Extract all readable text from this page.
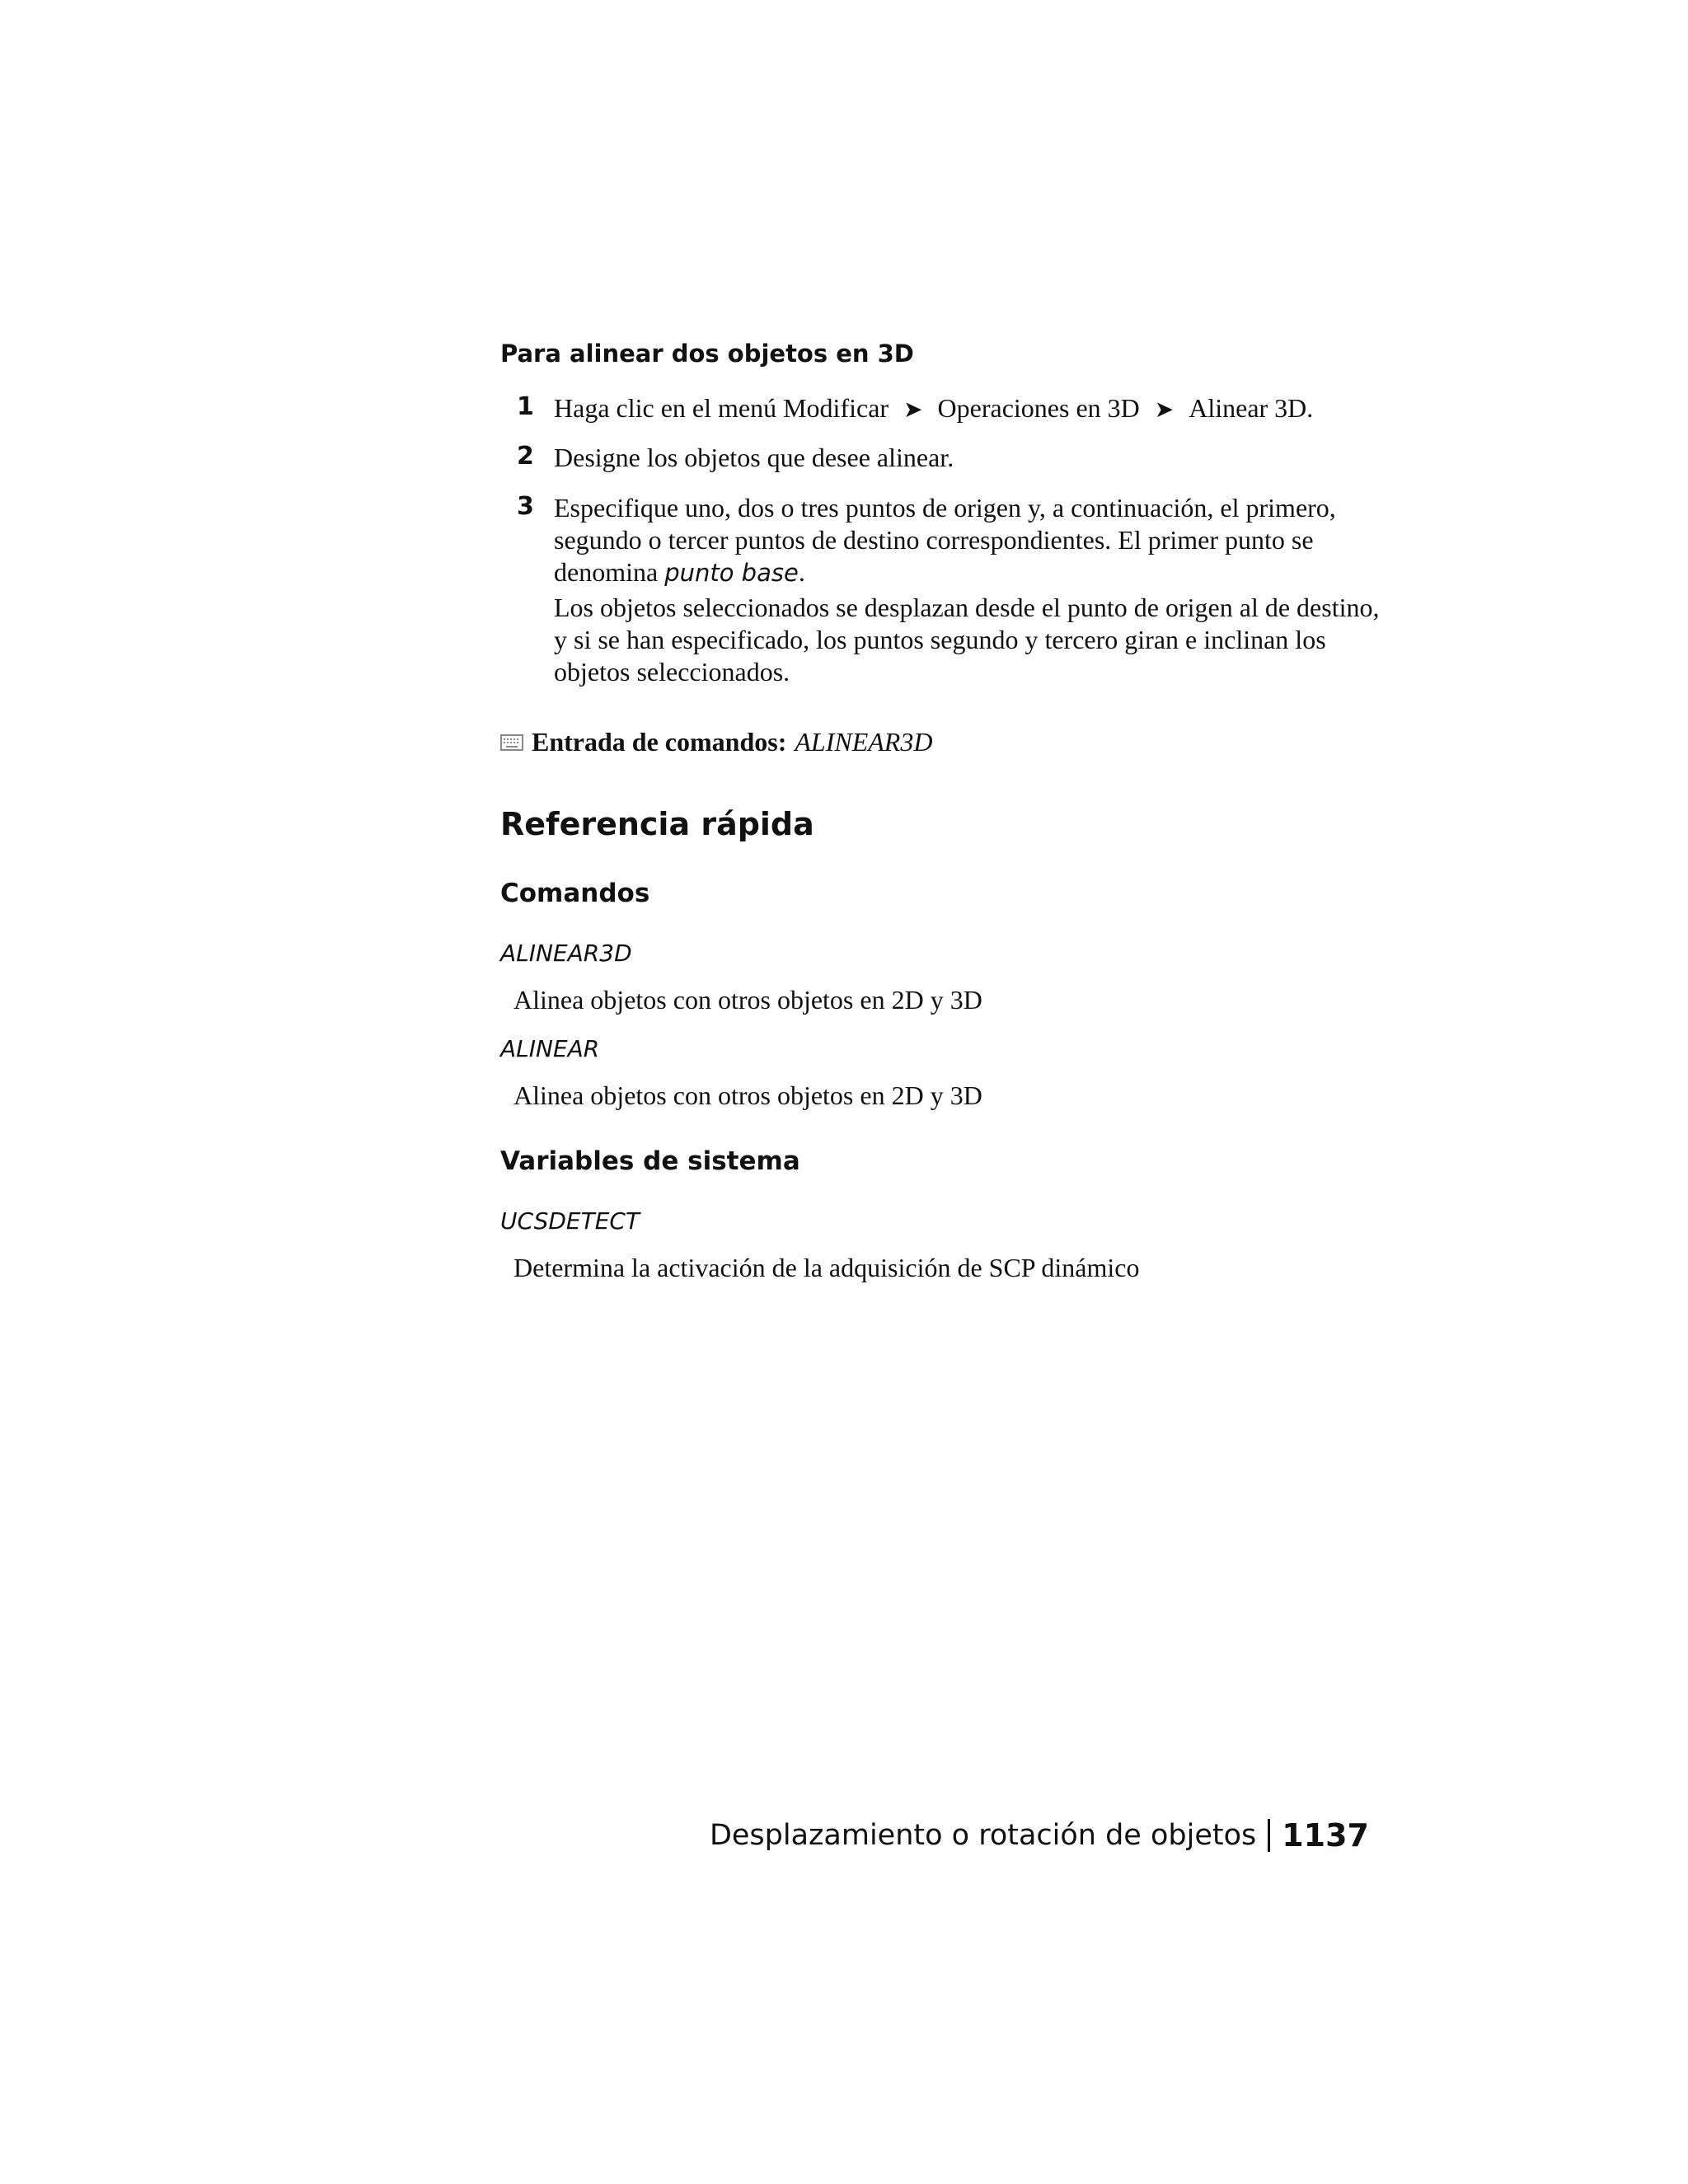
Para alinear dos objetos en 3D
1 Haga clic en el menú Modificar ➤ Operaciones en 3D ➤ Alinear 3D.
2 Designe los objetos que desee alinear.
3 Especifique uno, dos o tres puntos de origen y, a continuación, el primero, segundo o tercer puntos de destino correspondientes. El primer punto se denomina punto base.
Los objetos seleccionados se desplazan desde el punto de origen al de destino, y si se han especificado, los puntos segundo y tercero giran e inclinan los objetos seleccionados.
Entrada de comandos: ALINEAR3D
Referencia rápida
Comandos
ALINEAR3D
Alinea objetos con otros objetos en 2D y 3D
ALINEAR
Alinea objetos con otros objetos en 2D y 3D
Variables de sistema
UCSDETECT
Determina la activación de la adquisición de SCP dinámico
Desplazamiento o rotación de objetos 1137
